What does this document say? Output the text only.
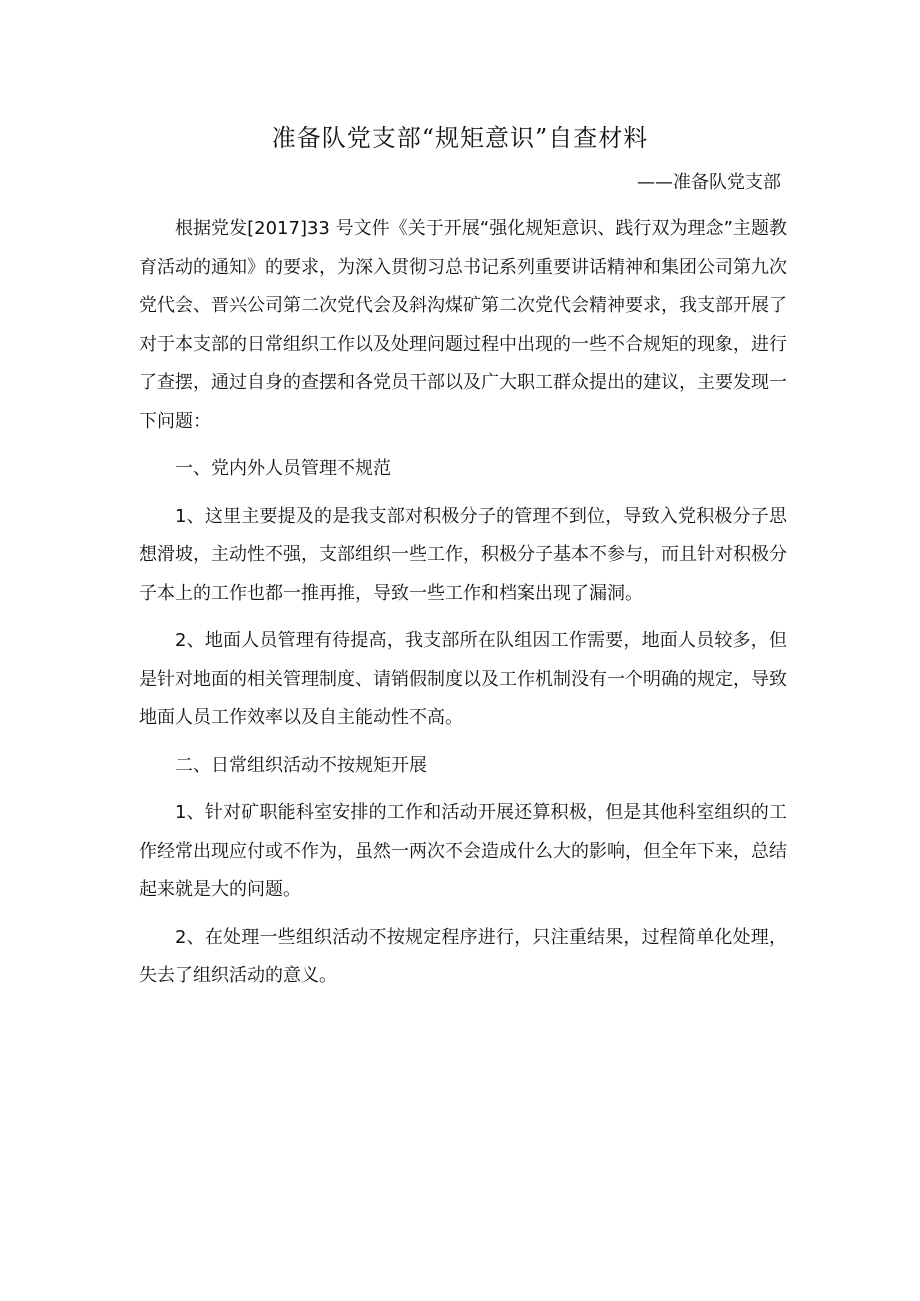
准备队党支部“规矩意识”自查材料
——准备队党支部

根据党发[2017]33 号文件《关于开展“强化规矩意识、践行双为理念”主题教育活动的通知》的要求，为深入贯彻习总书记系列重要讲话精神和集团公司第九次党代会、晋兴公司第二次党代会及斜沟煤矿第二次党代会精神要求，我支部开展了对于本支部的日常组织工作以及处理问题过程中出现的一些不合规矩的现象，进行了查摆，通过自身的查摆和各党员干部以及广大职工群众提出的建议，主要发现一下问题：

一、党内外人员管理不规范

1、这里主要提及的是我支部对积极分子的管理不到位，导致入党积极分子思想滑坡，主动性不强，支部组织一些工作，积极分子基本不参与，而且针对积极分子本上的工作也都一推再推，导致一些工作和档案出现了漏洞。

2、地面人员管理有待提高，我支部所在队组因工作需要，地面人员较多，但是针对地面的相关管理制度、请销假制度以及工作机制没有一个明确的规定，导致地面人员工作效率以及自主能动性不高。

二、日常组织活动不按规矩开展

1、针对矿职能科室安排的工作和活动开展还算积极，但是其他科室组织的工作经常出现应付或不作为，虽然一两次不会造成什么大的影响，但全年下来，总结起来就是大的问题。

2、在处理一些组织活动不按规定程序进行，只注重结果，过程简单化处理，失去了组织活动的意义。
